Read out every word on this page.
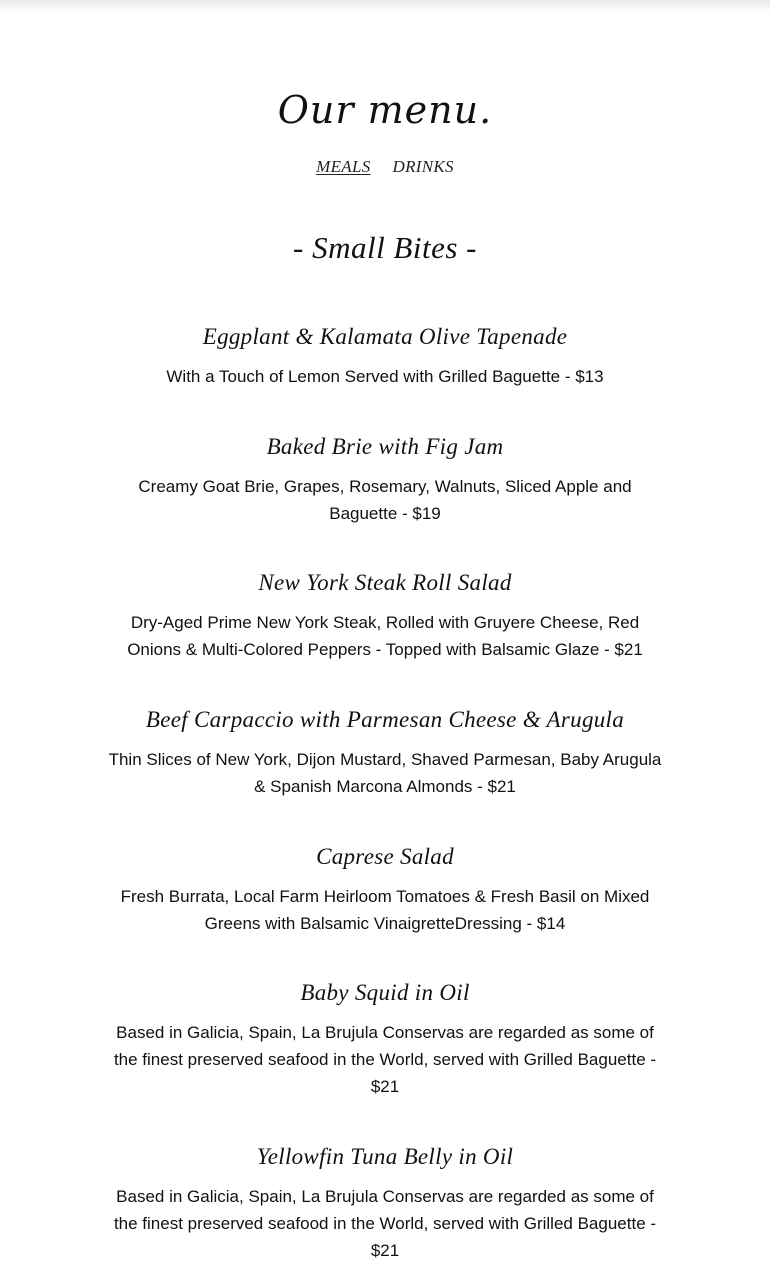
Our menu.
MEALS DRINKS
- Small Bites -
Eggplant & Kalamata Olive Tapenade

With a Touch of Lemon Served with Grilled Baguette - $13

Baked Brie with Fig Jam

Creamy Goat Brie, Grapes, Rosemary, Walnuts, Sliced Apple and Baguette - $19

New York Steak Roll Salad

Dry-Aged Prime New York Steak, Rolled with Gruyere Cheese, Red Onions & Multi-Colored Peppers - Topped with Balsamic Glaze - $21

Beef Carpaccio with Parmesan Cheese & Arugula

Thin Slices of New York, Dijon Mustard, Shaved Parmesan, Baby Arugula & Spanish Marcona Almonds - $21

Caprese Salad

Fresh Burrata, Local Farm Heirloom Tomatoes & Fresh Basil on Mixed Greens with Balsamic VinaigretteDressing - $14

Baby Squid in Oil

Based in Galicia, Spain, La Brujula Conservas are regarded as some of the finest preserved seafood in the World, served with Grilled Baguette - $21

Yellowfin Tuna Belly in Oil

Based in Galicia, Spain, La Brujula Conservas are regarded as some of the finest preserved seafood in the World, served with Grilled Baguette - $21
